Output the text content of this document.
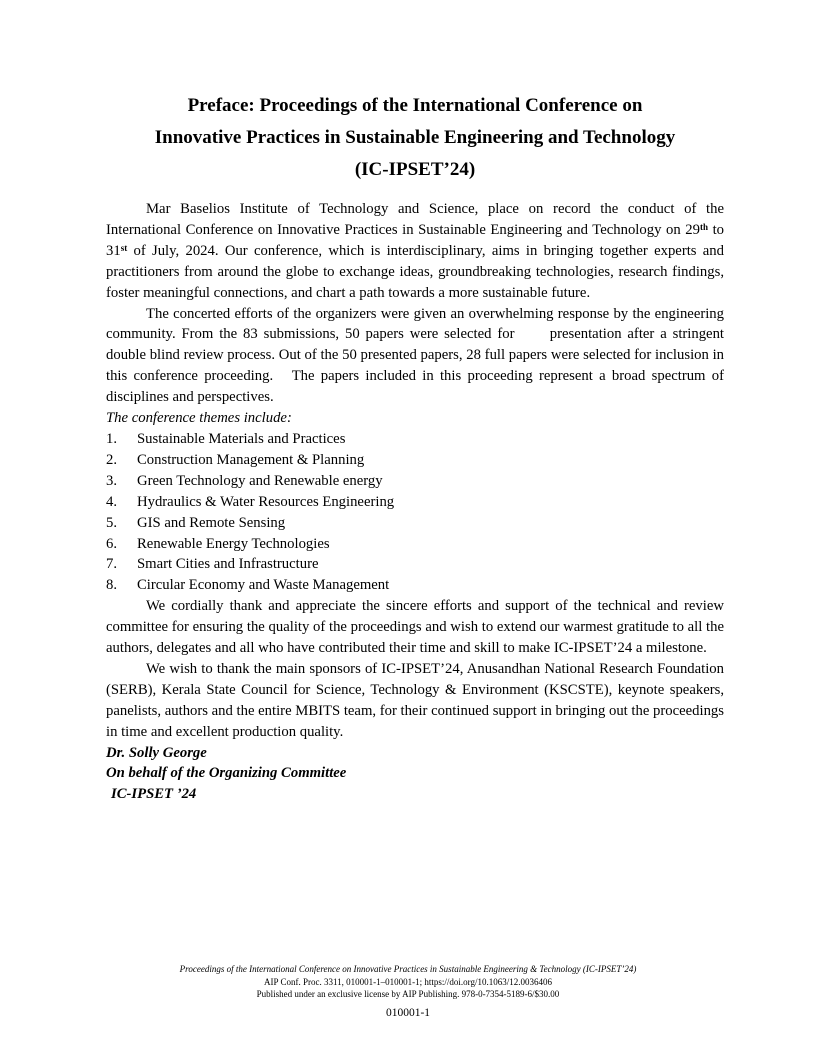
Preface: Proceedings of the International Conference on
Innovative Practices in Sustainable Engineering and Technology
(IC-IPSET’24)

Mar Baselios Institute of Technology and Science, place on record the conduct of the International Conference on Innovative Practices in Sustainable Engineering and Technology on 29th to 31st of July, 2024. Our conference, which is interdisciplinary, aims in bringing together experts and practitioners from around the globe to exchange ideas, groundbreaking technologies, research findings, foster meaningful connections, and chart a path towards a more sustainable future.

The concerted efforts of the organizers were given an overwhelming response by the engineering community. From the 83 submissions, 50 papers were selected for      presentation after a stringent double blind review process. Out of the 50 presented papers, 28 full papers were selected for inclusion in this conference proceeding.   The papers included in this proceeding represent a broad spectrum of disciplines and perspectives.

The conference themes include:

1.	Sustainable Materials and Practices
2.	Construction Management & Planning
3.	Green Technology and Renewable energy
4.	Hydraulics & Water Resources Engineering
5.	GIS and Remote Sensing
6.	Renewable Energy Technologies
7.	Smart Cities and Infrastructure
8.	Circular Economy and Waste Management

We cordially thank and appreciate the sincere efforts and support of the technical and review committee for ensuring the quality of the proceedings and wish to extend our warmest gratitude to all the authors, delegates and all who have contributed their time and skill to make IC-IPSET’24 a milestone.

We wish to thank the main sponsors of IC-IPSET’24, Anusandhan National Research Foundation (SERB), Kerala State Council for Science, Technology & Environment (KSCSTE), keynote speakers, panelists, authors and the entire MBITS team, for their continued support in bringing out the proceedings in time and excellent production quality.

Dr. Solly George
On behalf of the Organizing Committee
IC-IPSET ’24
Proceedings of the International Conference on Innovative Practices in Sustainable Engineering & Technology (IC-IPSET’24)
AIP Conf. Proc. 3311, 010001-1–010001-1; https://doi.org/10.1063/12.0036406
Published under an exclusive license by AIP Publishing. 978-0-7354-5189-6/$30.00
010001-1
